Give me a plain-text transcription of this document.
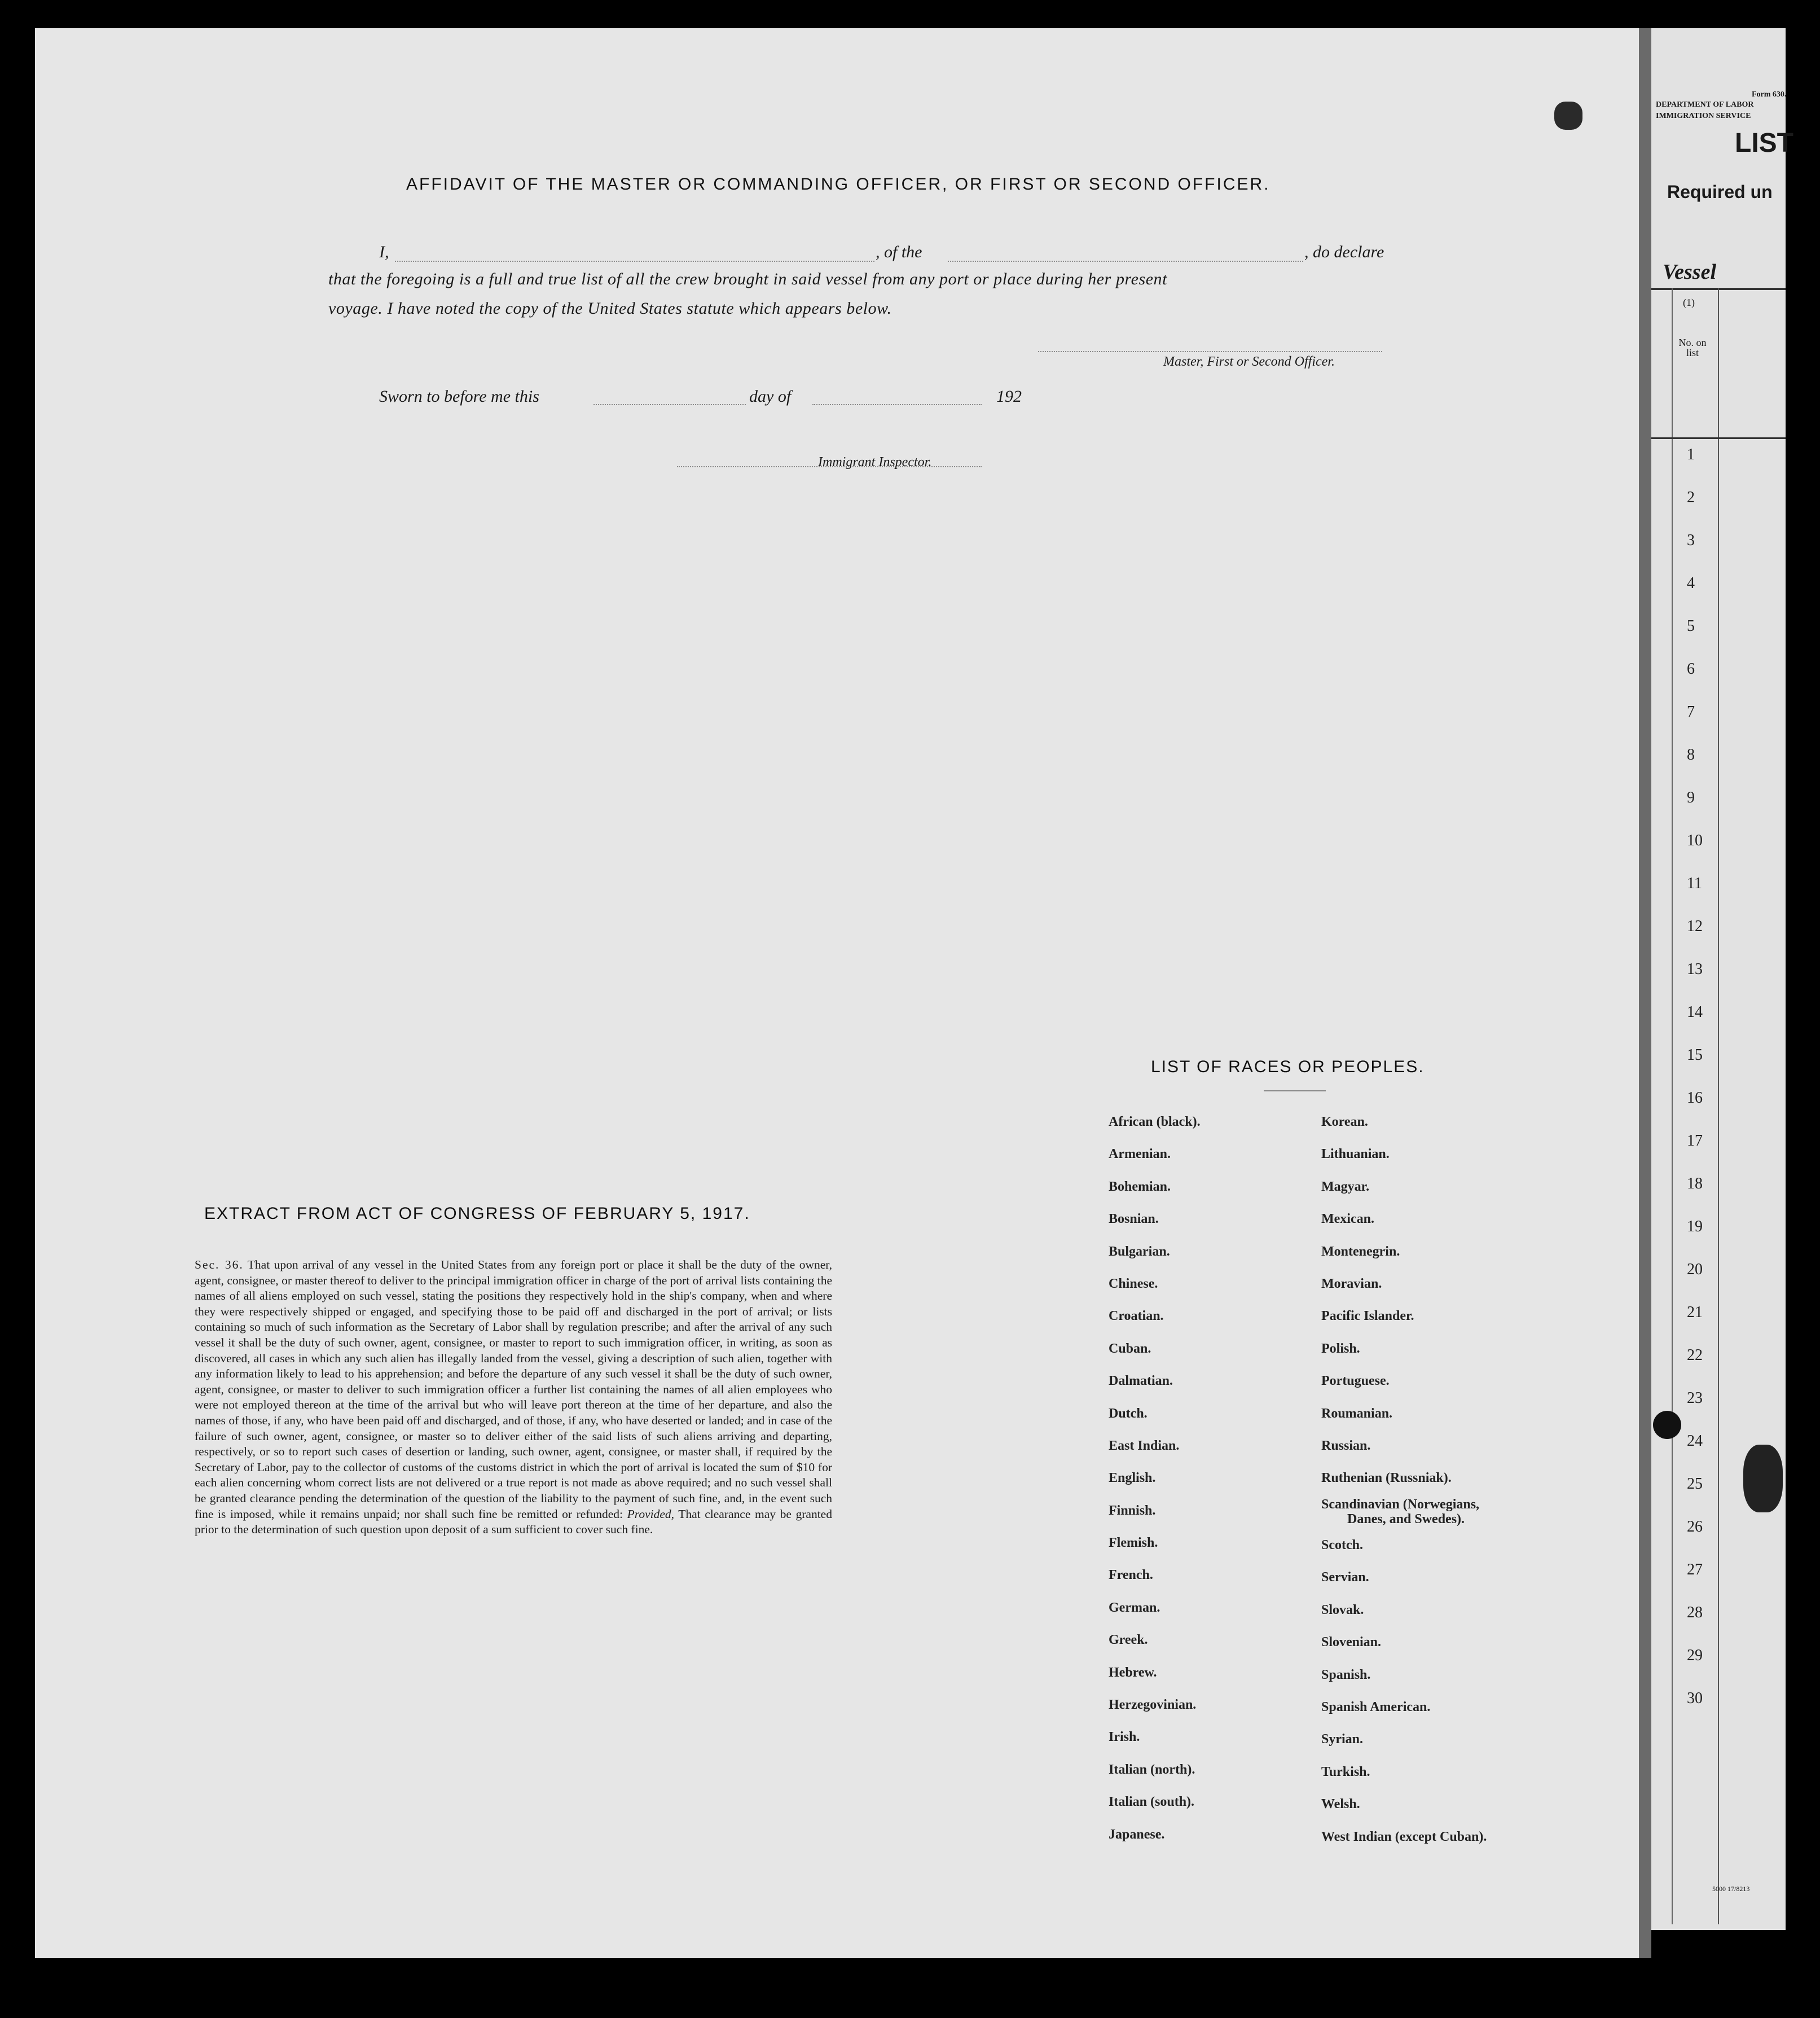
AFFIDAVIT OF THE MASTER OR COMMANDING OFFICER, OR FIRST OR SECOND OFFICER.
I,	, of the	, do declare
that the foregoing is a full and true list of all the crew brought in said vessel from any port or place during her present
voyage. I have noted the copy of the United States statute which appears below.
Master, First or Second Officer.
Sworn to before me this	day of	192
Immigrant Inspector.
EXTRACT FROM ACT OF CONGRESS OF FEBRUARY 5, 1917.
Sec. 36. That upon arrival of any vessel in the United States from any foreign port or place it shall be the duty of the owner, agent, consignee, or master thereof to deliver to the principal immigration officer in charge of the port of arrival lists containing the names of all aliens employed on such vessel, stating the positions they respectively hold in the ship's company, when and where they were respectively shipped or engaged, and specifying those to be paid off and discharged in the port of arrival; or lists containing so much of such information as the Secretary of Labor shall by regulation prescribe; and after the arrival of any such vessel it shall be the duty of such owner, agent, consignee, or master to report to such immigration officer, in writing, as soon as discovered, all cases in which any such alien has illegally landed from the vessel, giving a description of such alien, together with any information likely to lead to his apprehension; and before the departure of any such vessel it shall be the duty of such owner, agent, consignee, or master to deliver to such immigration officer a further list containing the names of all alien employees who were not employed thereon at the time of the arrival but who will leave port thereon at the time of her departure, and also the names of those, if any, who have been paid off and discharged, and of those, if any, who have deserted or landed; and in case of the failure of such owner, agent, consignee, or master so to deliver either of the said lists of such aliens arriving and departing, respectively, or so to report such cases of desertion or landing, such owner, agent, consignee, or master shall, if required by the Secretary of Labor, pay to the collector of customs of the customs district in which the port of arrival is located the sum of $10 for each alien concerning whom correct lists are not delivered or a true report is not made as above required; and no such vessel shall be granted clearance pending the determination of the question of the liability to the payment of such fine, and, in the event such fine is imposed, while it remains unpaid; nor shall such fine be remitted or refunded: Provided, That clearance may be granted prior to the determination of such question upon deposit of a sum sufficient to cover such fine.
LIST OF RACES OR PEOPLES.
African (black).
Armenian.
Bohemian.
Bosnian.
Bulgarian.
Chinese.
Croatian.
Cuban.
Dalmatian.
Dutch.
East Indian.
English.
Finnish.
Flemish.
French.
German.
Greek.
Hebrew.
Herzegovinian.
Irish.
Italian (north).
Italian (south).
Japanese.
Korean.
Lithuanian.
Magyar.
Mexican.
Montenegrin.
Moravian.
Pacific Islander.
Polish.
Portuguese.
Roumanian.
Russian.
Ruthenian (Russniak).
Scandinavian (Norwegians,
Danes, and Swedes).
Scotch.
Servian.
Slovak.
Slovenian.
Spanish.
Spanish American.
Syrian.
Turkish.
Welsh.
West Indian (except Cuban).
Form 630.
DEPARTMENT OF LABOR
IMMIGRATION SERVICE
LIST
Required un
Vessel
(1)
No. on list
5000 17/8213
1
2
3
4
5
6
7
8
9
10
11
12
13
14
15
16
17
18
19
20
21
22
23
24
25
26
27
28
29
30
